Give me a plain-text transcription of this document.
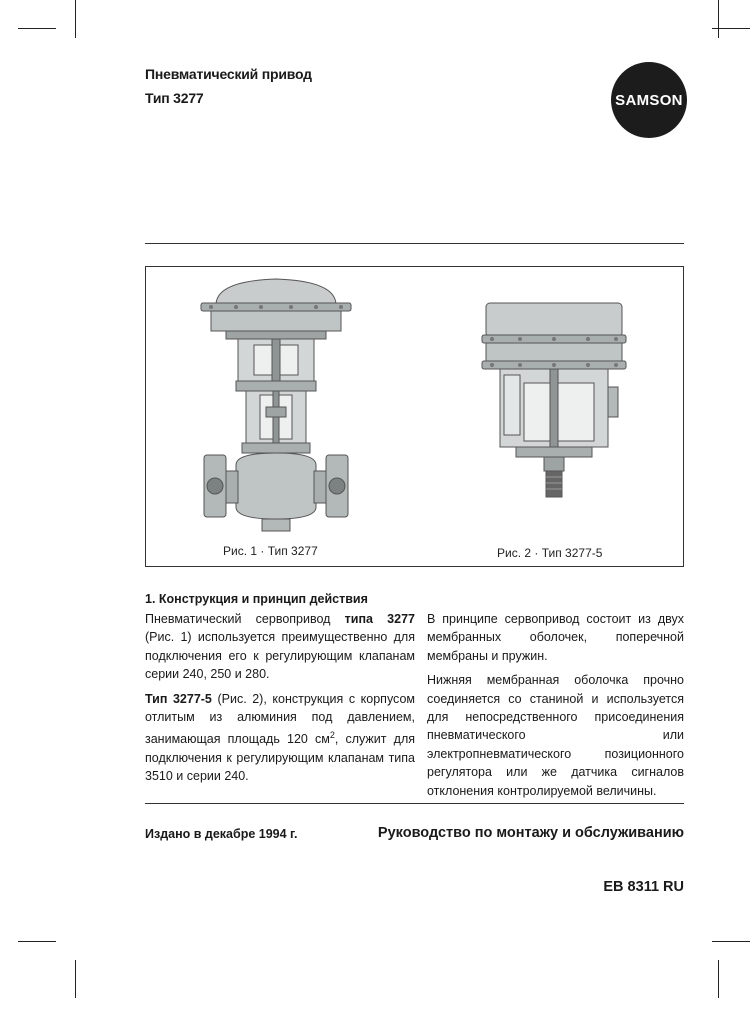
Пневматический привод
Тип 3277	SAMSON
Рис. 1 · Тип 3277	Рис. 2 · Тип 3277-5
1. Конструкция и принцип действия

Пневматический сервопривод типа 3277 (Рис. 1) используется преимущественно для подключения его к регулирующим клапанам серии 240, 250 и 280.

Тип 3277-5 (Рис. 2), конструкция с корпусом отлитым из алюминия под давлением, занимающая площадь 120 $см^2$, служит для подключения к регулирующим клапанам типа 3510 и серии 240.

В принципе сервопривод состоит из двух мембранных оболочек, поперечной мембраны и пружин.

Нижняя мембранная оболочка прочно соединяется со станиной и используется для непосредственного присоединения пневматического или электропневматического позиционного регулятора или же датчика сигналов отклонения контролируемой величины.

Издано в декабре 1994 г.	Руководство по монтажу и обслуживанию
EB 8311 RU
